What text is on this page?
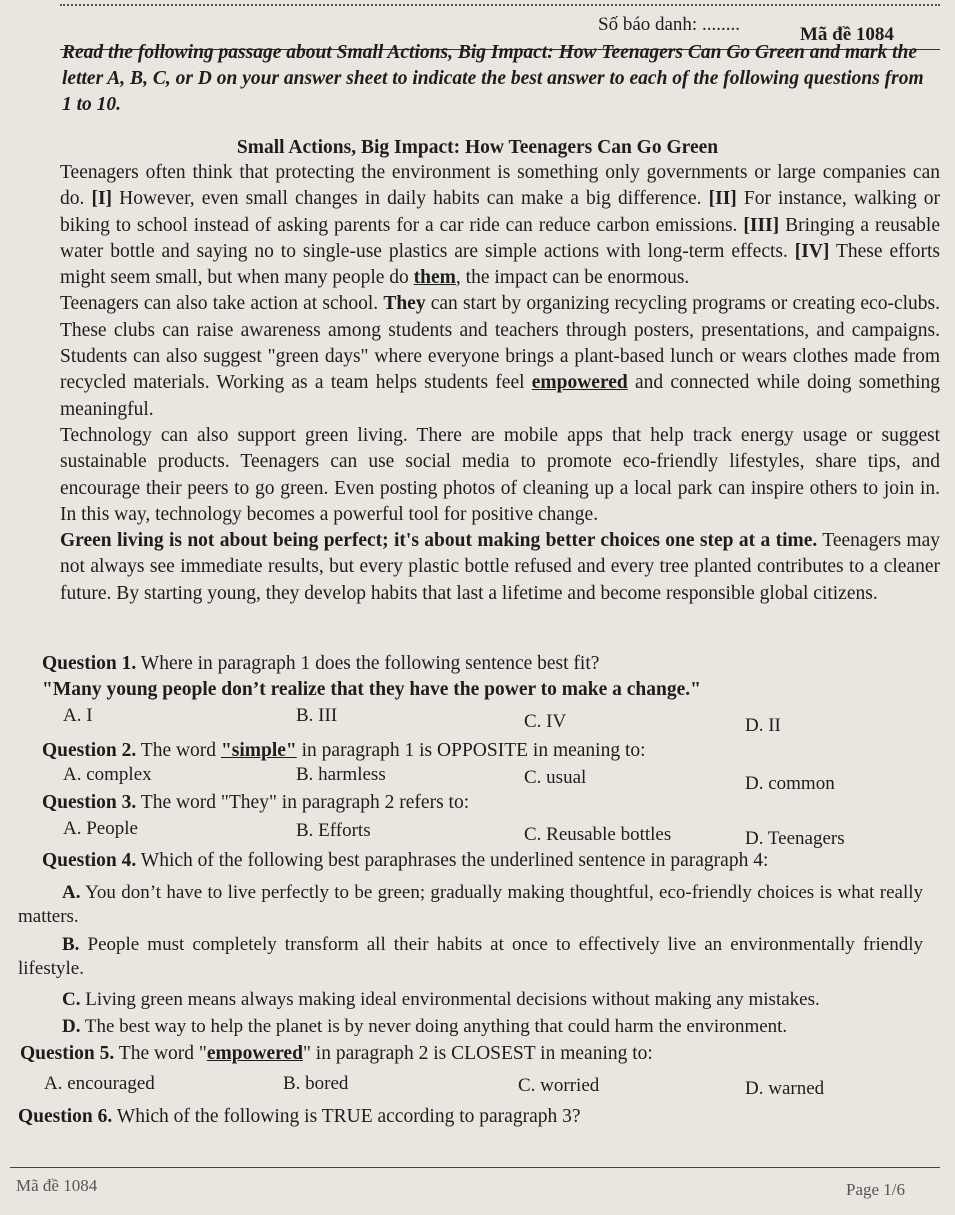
Số báo danh: ........	Mã đề 1084
Read the following passage about Small Actions, Big Impact: How Teenagers Can Go Green and mark the letter A, B, C, or D on your answer sheet to indicate the best answer to each of the following questions from 1 to 10.
Small Actions, Big Impact: How Teenagers Can Go Green

Teenagers often think that protecting the environment is something only governments or large companies can do. [I] However, even small changes in daily habits can make a big difference. [II] For instance, walking or biking to school instead of asking parents for a car ride can reduce carbon emissions. [III] Bringing a reusable water bottle and saying no to single-use plastics are simple actions with long-term effects. [IV] These efforts might seem small, but when many people do them, the impact can be enormous.

Teenagers can also take action at school. They can start by organizing recycling programs or creating eco-clubs. These clubs can raise awareness among students and teachers through posters, presentations, and campaigns. Students can also suggest "green days" where everyone brings a plant-based lunch or wears clothes made from recycled materials. Working as a team helps students feel empowered and connected while doing something meaningful.

Technology can also support green living. There are mobile apps that help track energy usage or suggest sustainable products. Teenagers can use social media to promote eco-friendly lifestyles, share tips, and encourage their peers to go green. Even posting photos of cleaning up a local park can inspire others to join in. In this way, technology becomes a powerful tool for positive change.

Green living is not about being perfect; it's about making better choices one step at a time. Teenagers may not always see immediate results, but every plastic bottle refused and every tree planted contributes to a cleaner future. By starting young, they develop habits that last a lifetime and become responsible global citizens.

Question 1. Where in paragraph 1 does the following sentence best fit?
"Many young people don’t realize that they have the power to make a change."
A. I	B. III	C. IV	D. II
Question 2. The word "simple" in paragraph 1 is OPPOSITE in meaning to:
A. complex	B. harmless	C. usual	D. common
Question 3. The word "They" in paragraph 2 refers to:
A. People	B. Efforts	C. Reusable bottles	D. Teenagers
Question 4. Which of the following best paraphrases the underlined sentence in paragraph 4:
A. You don’t have to live perfectly to be green; gradually making thoughtful, eco-friendly choices is what really matters.
B. People must completely transform all their habits at once to effectively live an environmentally friendly lifestyle.
C. Living green means always making ideal environmental decisions without making any mistakes.
D. The best way to help the planet is by never doing anything that could harm the environment.
Question 5. The word "empowered" in paragraph 2 is CLOSEST in meaning to:
A. encouraged	B. bored	C. worried	D. warned
Question 6. Which of the following is TRUE according to paragraph 3?
Mã đề 1084	Page 1/6
